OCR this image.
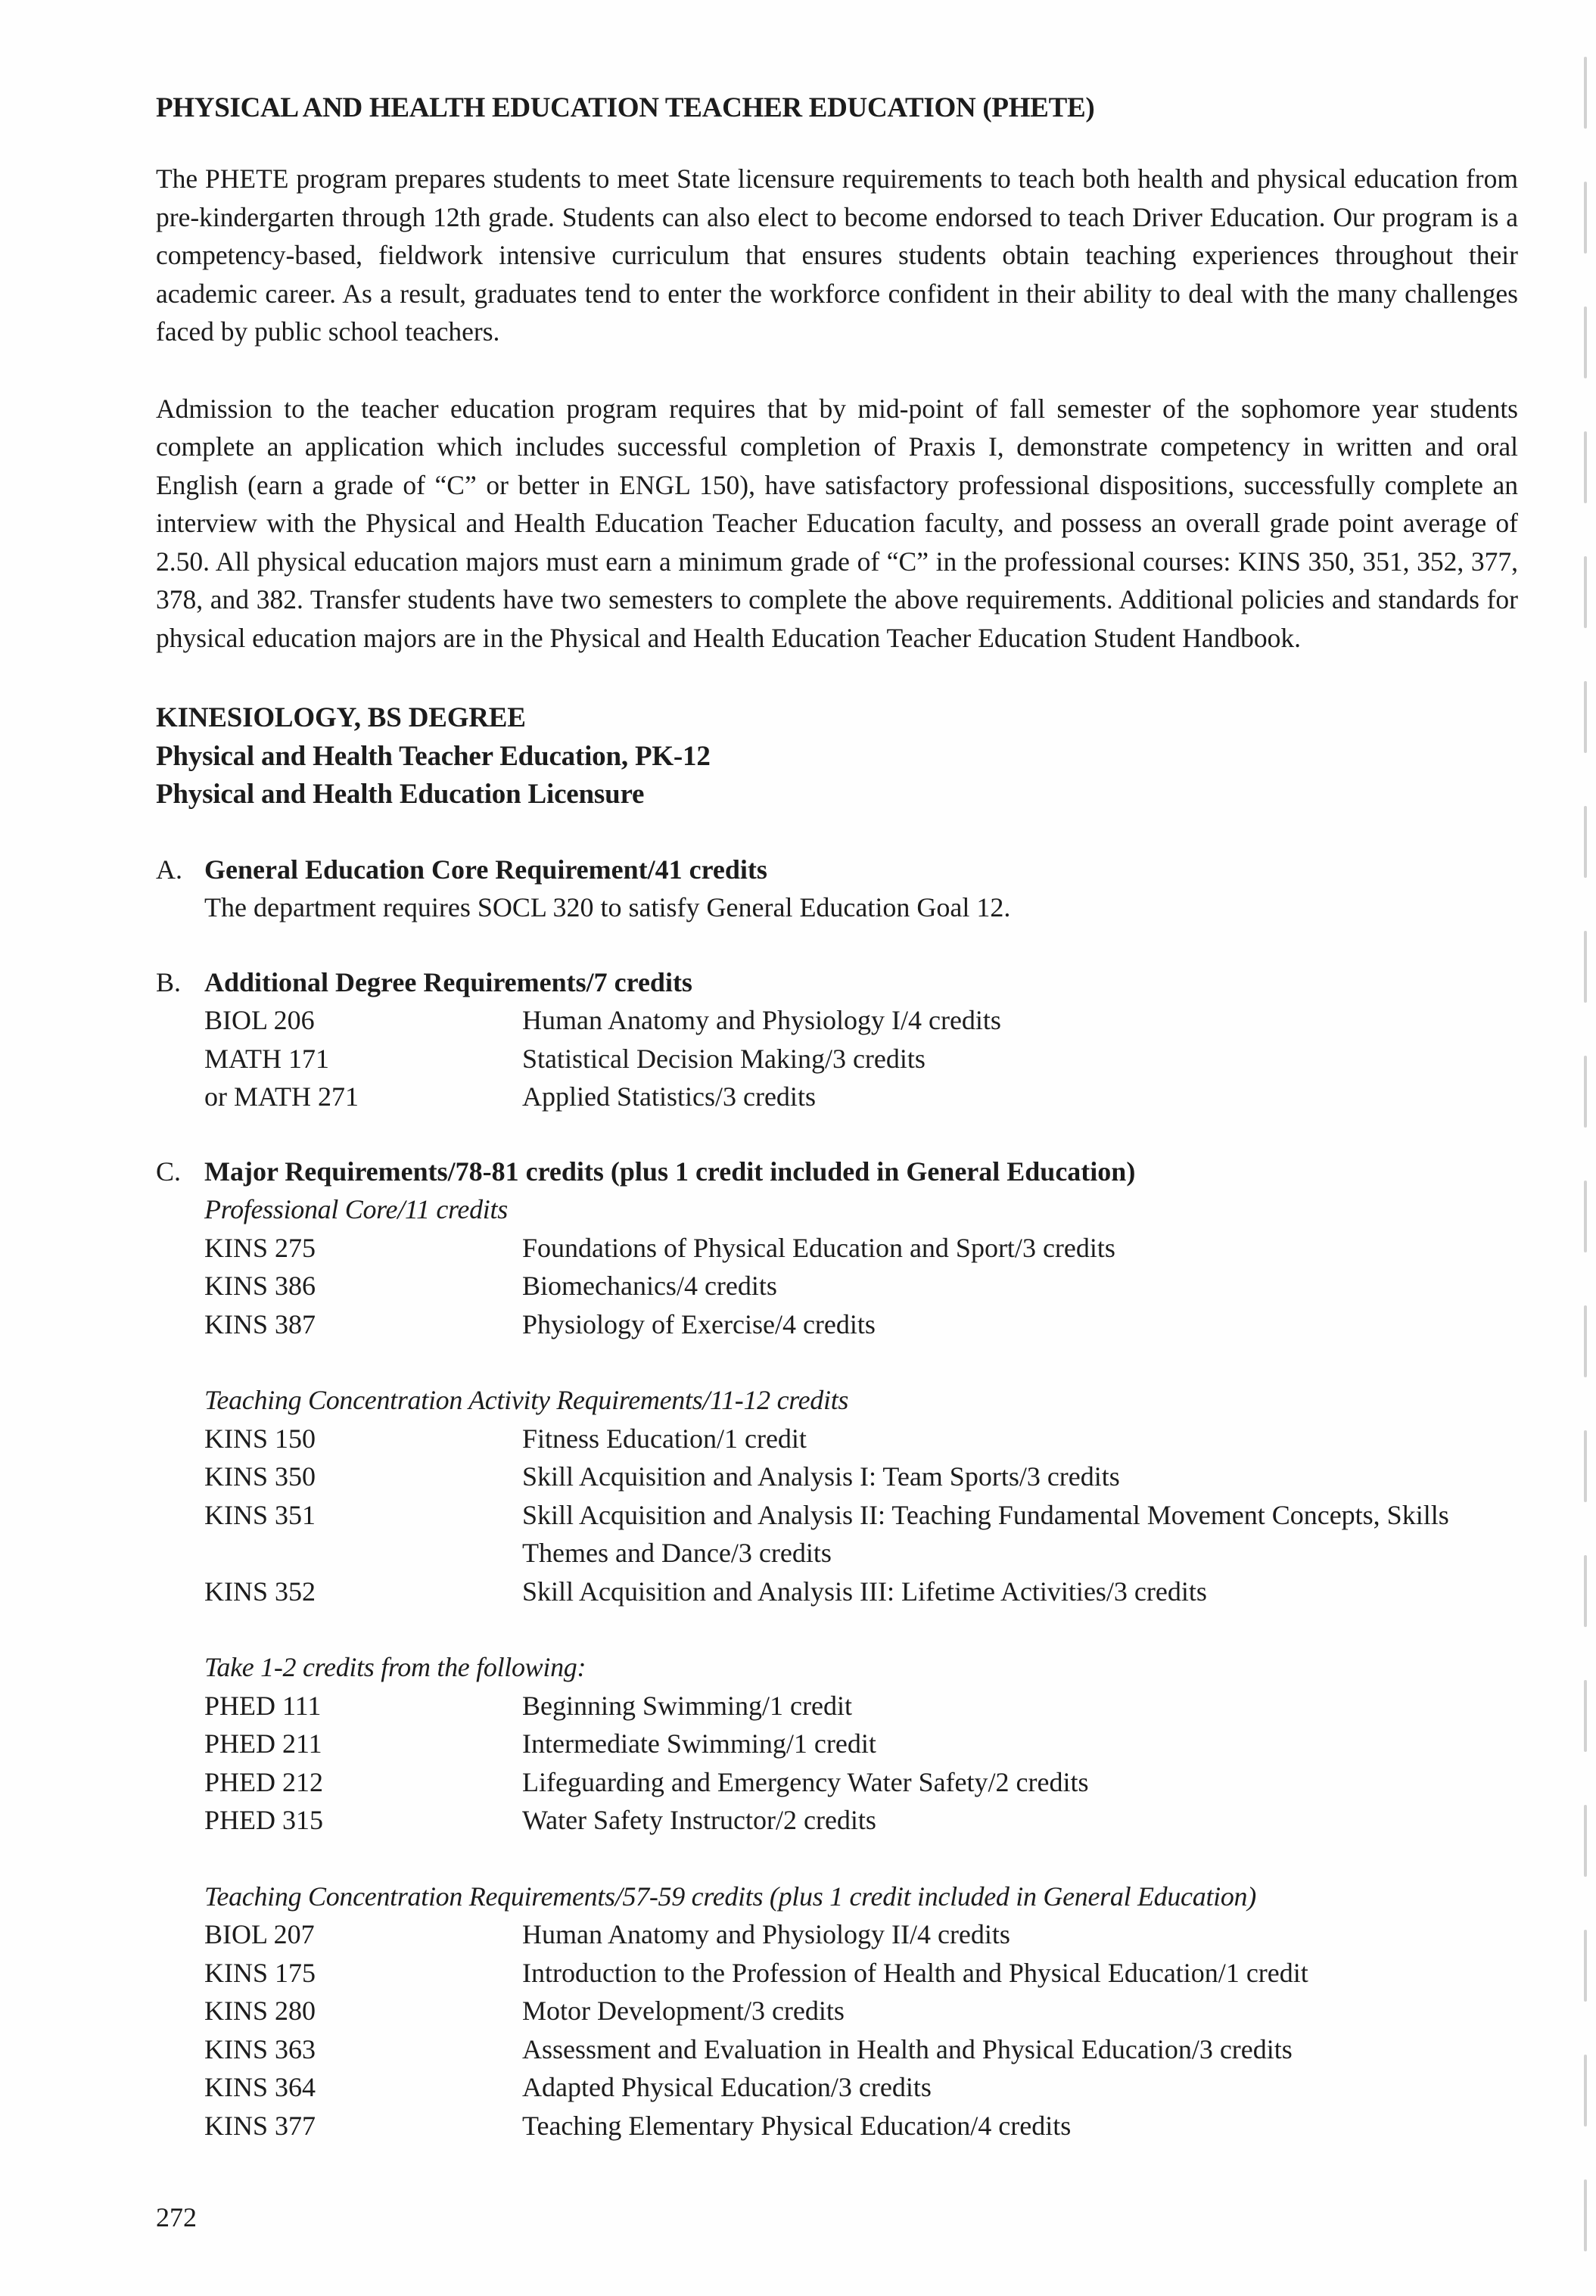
PHYSICAL AND HEALTH EDUCATION TEACHER EDUCATION (PHETE)

The PHETE program prepares students to meet State licensure requirements to teach both health and physical education from pre-kindergarten through 12th grade. Students can also elect to become endorsed to teach Driver Education. Our program is a competency-based, fieldwork intensive curriculum that ensures students obtain teaching experiences throughout their academic career. As a result, graduates tend to enter the workforce confident in their ability to deal with the many challenges faced by public school teachers.

Admission to the teacher education program requires that by mid-point of fall semester of the sophomore year students complete an application which includes successful completion of Praxis I, demonstrate competency in written and oral English (earn a grade of “C” or better in ENGL 150), have satisfactory professional dispositions, successfully complete an interview with the Physical and Health Education Teacher Education faculty, and possess an overall grade point average of 2.50. All physical education majors must earn a minimum grade of “C” in the professional courses: KINS 350, 351, 352, 377, 378, and 382. Transfer students have two semesters to complete the above requirements. Additional policies and standards for physical education majors are in the Physical and Health Education Teacher Education Student Handbook.

KINESIOLOGY, BS DEGREE
Physical and Health Teacher Education, PK-12
Physical and Health Education Licensure
A. General Education Core Requirement/41 credits
The department requires SOCL 320 to satisfy General Education Goal 12.
B. Additional Degree Requirements/7 credits
BIOL 206	Human Anatomy and Physiology I/4 credits
MATH 171	Statistical Decision Making/3 credits
or MATH 271	Applied Statistics/3 credits
C. Major Requirements/78-81 credits (plus 1 credit included in General Education)
Professional Core/11 credits
KINS 275	Foundations of Physical Education and Sport/3 credits
KINS 386	Biomechanics/4 credits
KINS 387	Physiology of Exercise/4 credits
Teaching Concentration Activity Requirements/11-12 credits
KINS 150	Fitness Education/1 credit
KINS 350	Skill Acquisition and Analysis I: Team Sports/3 credits
KINS 351	Skill Acquisition and Analysis II: Teaching Fundamental Movement Concepts, Skills Themes and Dance/3 credits
KINS 352	Skill Acquisition and Analysis III: Lifetime Activities/3 credits
Take 1-2 credits from the following:
PHED 111	Beginning Swimming/1 credit
PHED 211	Intermediate Swimming/1 credit
PHED 212	Lifeguarding and Emergency Water Safety/2 credits
PHED 315	Water Safety Instructor/2 credits
Teaching Concentration Requirements/57-59 credits (plus 1 credit included in General Education)
BIOL 207	Human Anatomy and Physiology II/4 credits
KINS 175	Introduction to the Profession of Health and Physical Education/1 credit
KINS 280	Motor Development/3 credits
KINS 363	Assessment and Evaluation in Health and Physical Education/3 credits
KINS 364	Adapted Physical Education/3 credits
KINS 377	Teaching Elementary Physical Education/4 credits
272
